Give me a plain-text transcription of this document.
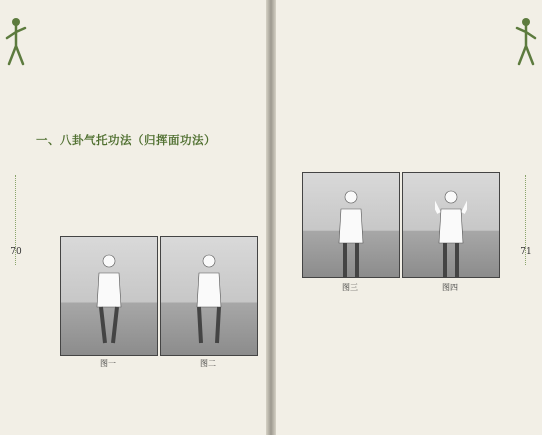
70
一、八卦气托功法（归挥面功法）
图一	图二
图三	图四
71
